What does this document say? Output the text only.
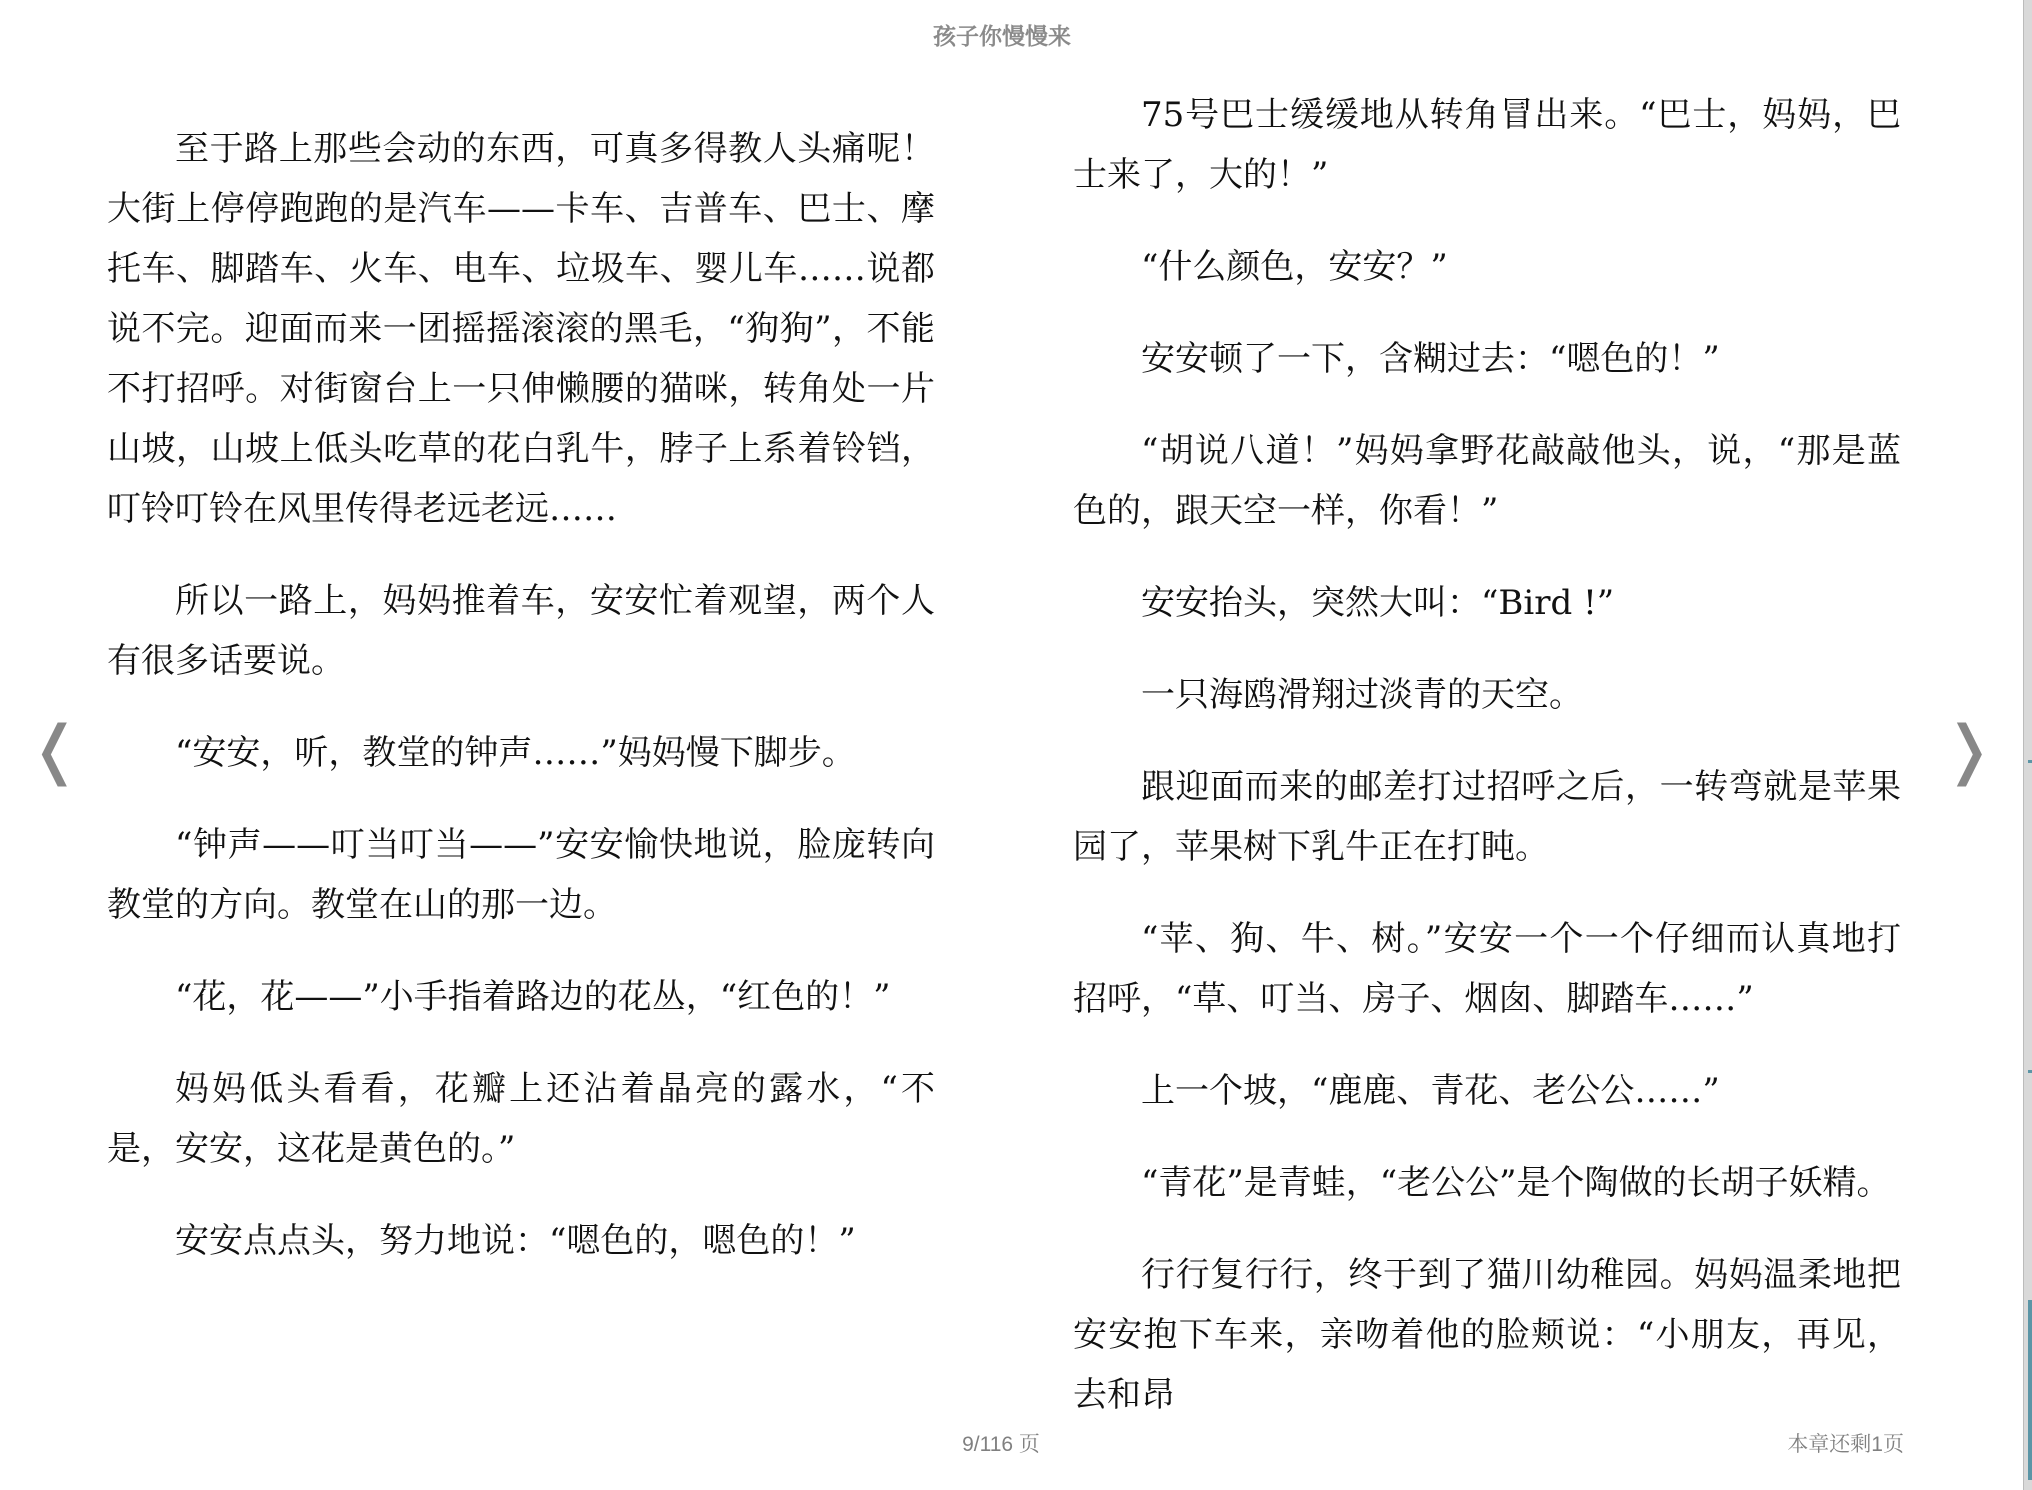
孩子你慢慢来

至于路上那些会动的东西，可真多得教人头痛呢！大街上停停跑跑的是汽车——卡车、吉普车、巴士、摩托车、脚踏车、火车、电车、垃圾车、婴儿车……说都说不完。迎面而来一团摇摇滚滚的黑毛，“狗狗”，不能不打招呼。对街窗台上一只伸懒腰的猫咪，转角处一片山坡，山坡上低头吃草的花白乳牛，脖子上系着铃铛，叮铃叮铃在风里传得老远老远……

所以一路上，妈妈推着车，安安忙着观望，两个人有很多话要说。

“安安，听，教堂的钟声……”妈妈慢下脚步。

“钟声——叮当叮当——”安安愉快地说，脸庞转向教堂的方向。教堂在山的那一边。

“花，花——”小手指着路边的花丛，“红色的！”

妈妈低头看看，花瓣上还沾着晶亮的露水，“不是，安安，这花是黄色的。”

安安点点头，努力地说：“嗯色的，嗯色的！”

75号巴士缓缓地从转角冒出来。“巴士，妈妈，巴士来了，大的！”

“什么颜色，安安？”

安安顿了一下，含糊过去：“嗯色的！”

“胡说八道！”妈妈拿野花敲敲他头，说，“那是蓝色的，跟天空一样，你看！”

安安抬头，突然大叫：“Bird !”

一只海鸥滑翔过淡青的天空。

跟迎面而来的邮差打过招呼之后，一转弯就是苹果园了，苹果树下乳牛正在打盹。

“苹、狗、牛、树。”安安一个一个仔细而认真地打招呼，“草、叮当、房子、烟囱、脚踏车……”

上一个坡，“鹿鹿、青花、老公公……”

“青花”是青蛙，“老公公”是个陶做的长胡子妖精。

行行复行行，终于到了猫川幼稚园。妈妈温柔地把安安抱下车来，亲吻着他的脸颊说：“小朋友，再见，去和昂

❬	❭
9/116 页	本章还剩1页
